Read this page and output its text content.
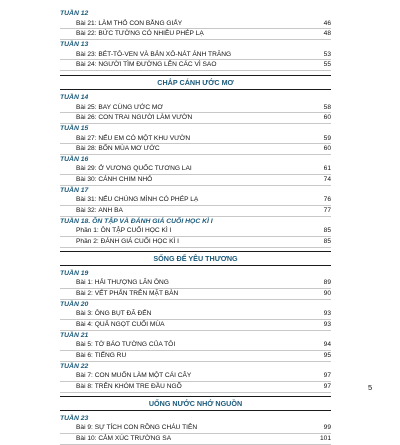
TUẦN 12
Bài 21: LÀM THỎ CON BẰNG GIẤY	46
Bài 22: BỨC TƯỜNG CÓ NHIỀU PHÉP LẠ	48
TUẦN 13
Bài 23: BÉT-TÔ-VEN VÀ BẢN XÔ-NÁT ÁNH TRĂNG	53
Bài 24: NGƯỜI TÌM ĐƯỜNG LÊN CÁC VÌ SAO	55
CHẮP CÁNH ƯỚC MƠ
TUẦN 14
Bài 25: BAY CÙNG ƯỚC MƠ	58
Bài 26: CON TRAI NGƯỜI LÀM VƯỜN	60
TUẦN 15
Bài 27: NẾU EM CÓ MỘT KHU VƯỜN	59
Bài 28: BỐN MÙA MƠ ƯỚC	60
TUẦN 16
Bài 29: Ở VƯƠNG QUỐC TƯƠNG LAI	61
Bài 30: CÁNH CHIM NHỎ	74
TUẦN 17
Bài 31: NẾU CHÚNG MÌNH CÓ PHÉP LẠ	76
Bài 32: ANH BA	77
TUẦN 18. ÔN TẬP VÀ ĐÁNH GIÁ CUỐI HỌC KÌ I
Phần 1: ÔN TẬP CUỐI HỌC KÌ I	85
Phần 2: ĐÁNH GIÁ CUỐI HỌC KÌ I	85
SỐNG ĐỂ YÊU THƯƠNG
TUẦN 19
Bài 1: HẢI THƯỢNG LÃN ÔNG	89
Bài 2: VẾT PHẤN TRÊN MẶT BÀN	90
TUẦN 20
Bài 3: ÔNG BỤT ĐÃ ĐẾN	93
Bài 4: QUẢ NGỌT CUỐI MÙA	93
TUẦN 21
Bài 5: TỜ BÁO TƯỜNG CỦA TÔI	94
Bài 6: TIẾNG RU	95
TUẦN 22
Bài 7: CON MUỐN LÀM MỘT CÁI CÂY	97
Bài 8: TRÊN KHÓM TRE ĐẦU NGÕ	97
UỐNG NƯỚC NHỚ NGUỒN
TUẦN 23
Bài 9: SỰ TÍCH CON RỒNG CHÁU TIÊN	99
Bài 10: CẢM XÚC TRƯỜNG SA	101
5
